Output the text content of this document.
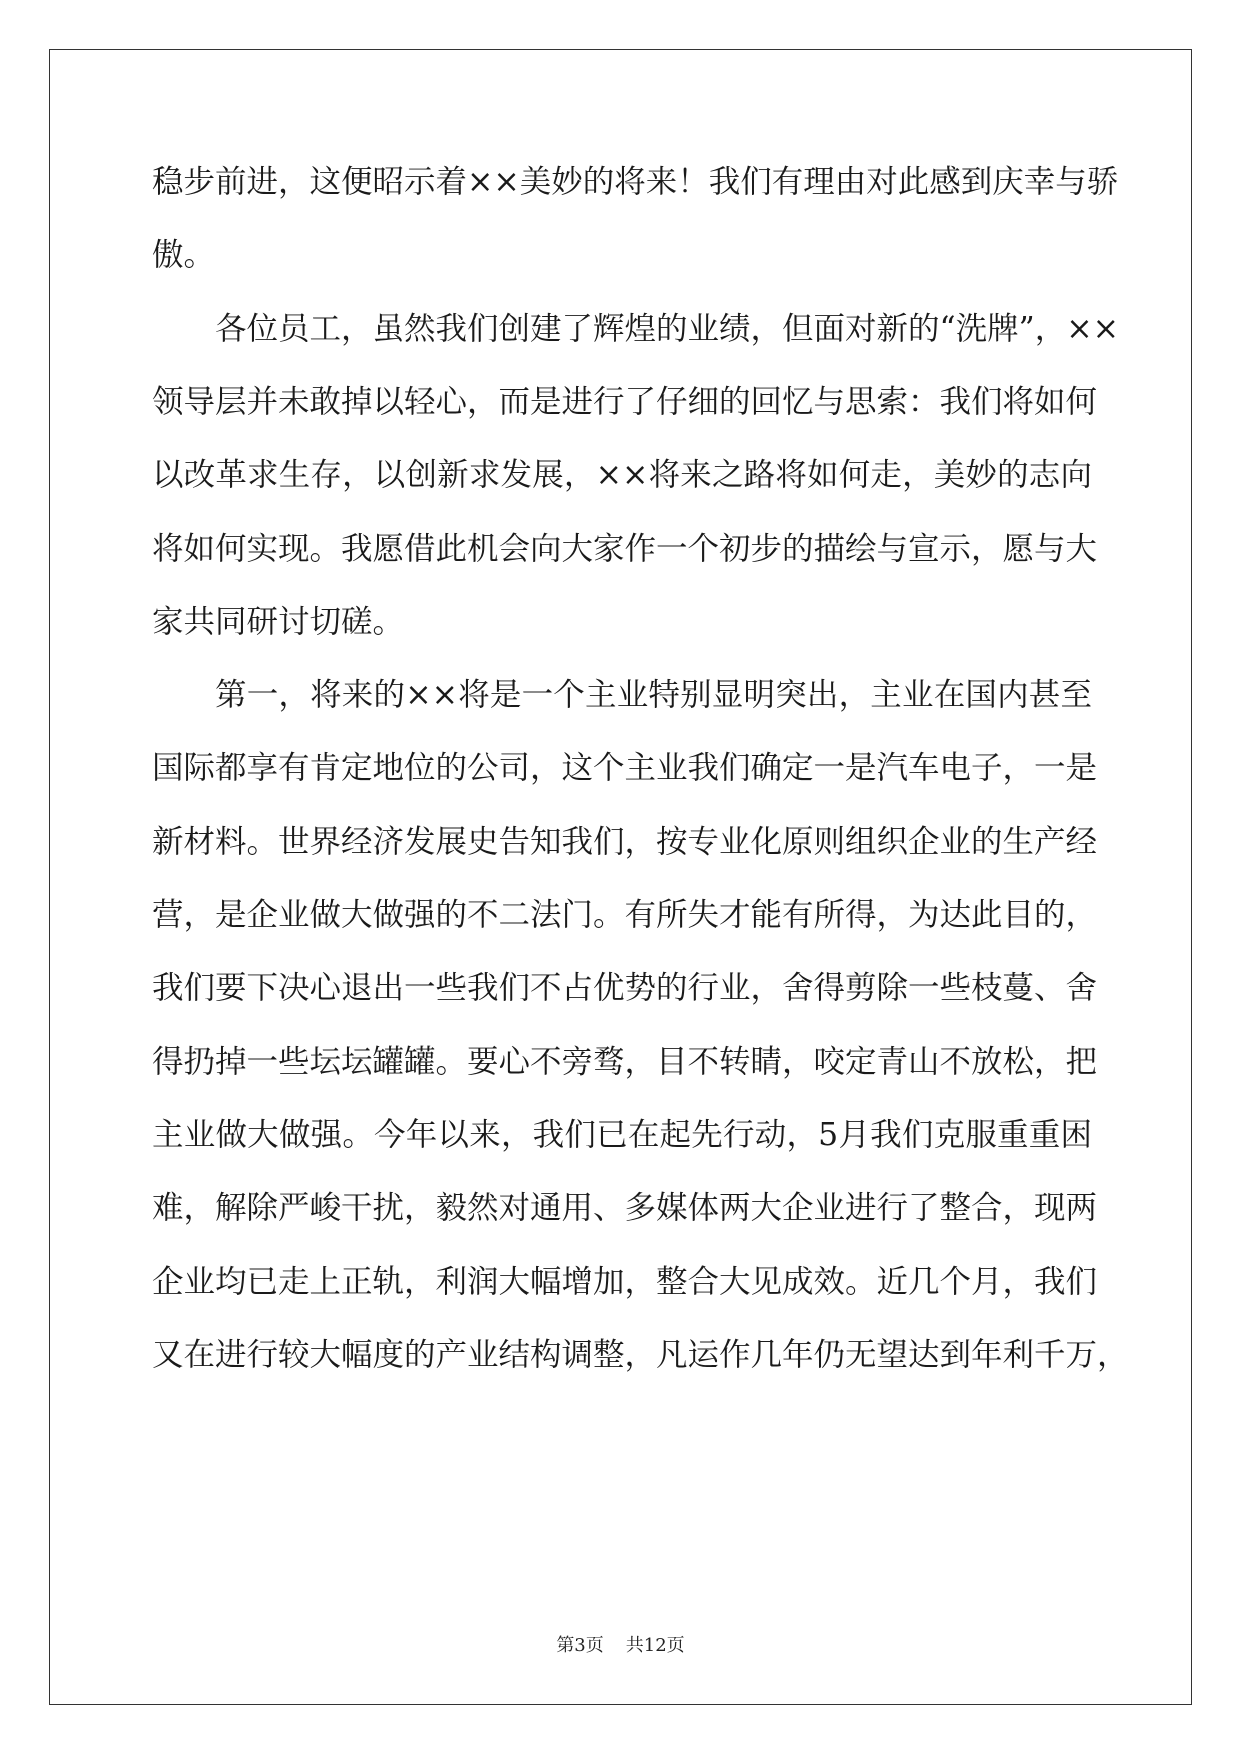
稳步前进，这便昭示着××美妙的将来！我们有理由对此感到庆幸与骄
傲。
各位员工，虽然我们创建了辉煌的业绩，但面对新的“洗牌”，××
领导层并未敢掉以轻心，而是进行了仔细的回忆与思索：我们将如何
以改革求生存，以创新求发展，××将来之路将如何走，美妙的志向
将如何实现。我愿借此机会向大家作一个初步的描绘与宣示，愿与大
家共同研讨切磋。
第一，将来的××将是一个主业特别显明突出，主业在国内甚至
国际都享有肯定地位的公司，这个主业我们确定一是汽车电子，一是
新材料。世界经济发展史告知我们，按专业化原则组织企业的生产经
营，是企业做大做强的不二法门。有所失才能有所得，为达此目的，
我们要下决心退出一些我们不占优势的行业，舍得剪除一些枝蔓、舍
得扔掉一些坛坛罐罐。要心不旁骛，目不转睛，咬定青山不放松，把
主业做大做强。今年以来，我们已在起先行动，5月我们克服重重困
难，解除严峻干扰，毅然对通用、多媒体两大企业进行了整合，现两
企业均已走上正轨，利润大幅增加，整合大见成效。近几个月，我们
又在进行较大幅度的产业结构调整，凡运作几年仍无望达到年利千万，
第3页 共12页
